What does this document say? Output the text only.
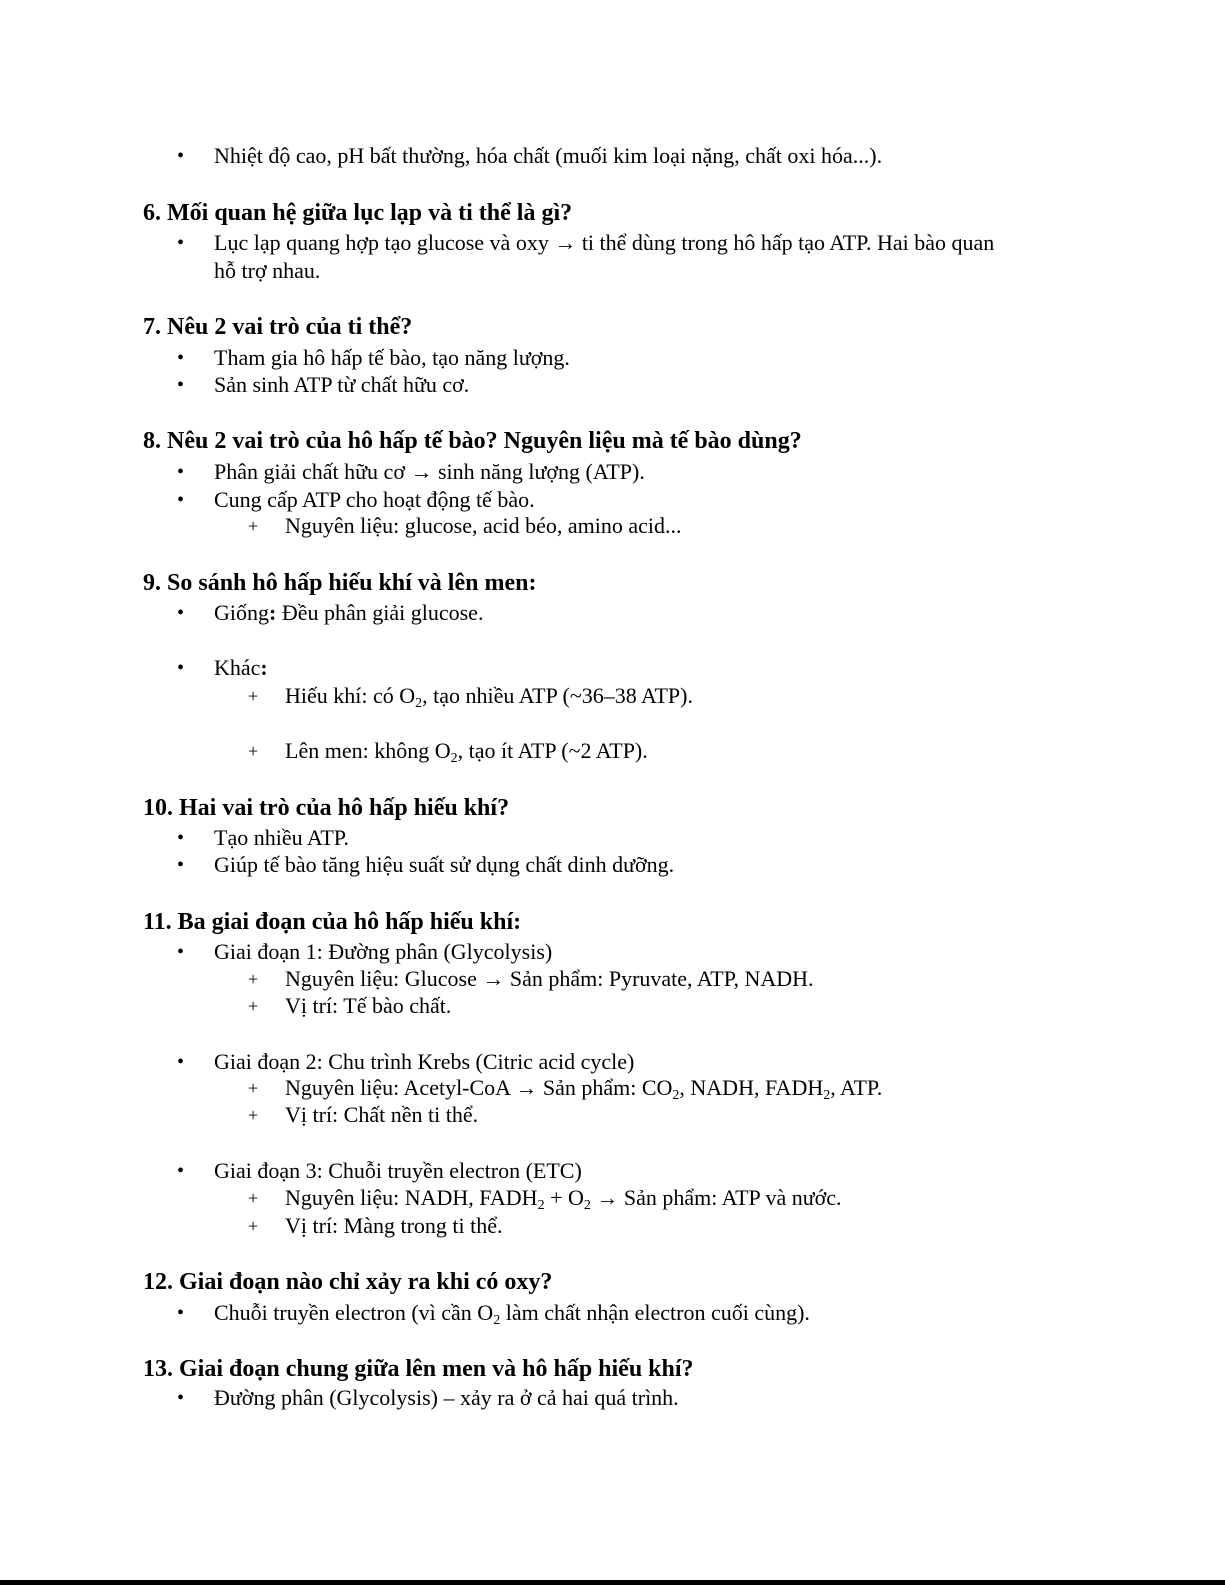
• Nhiệt độ cao, pH bất thường, hóa chất (muối kim loại nặng, chất oxi hóa...).
6. Mối quan hệ giữa lục lạp và ti thể là gì?
• Lục lạp quang hợp tạo glucose và oxy → ti thể dùng trong hô hấp tạo ATP. Hai bào quan
hỗ trợ nhau.
7. Nêu 2 vai trò của ti thể?
• Tham gia hô hấp tế bào, tạo năng lượng.
• Sản sinh ATP từ chất hữu cơ.
8. Nêu 2 vai trò của hô hấp tế bào? Nguyên liệu mà tế bào dùng?
• Phân giải chất hữu cơ → sinh năng lượng (ATP).
• Cung cấp ATP cho hoạt động tế bào.
+ Nguyên liệu: glucose, acid béo, amino acid...
9. So sánh hô hấp hiếu khí và lên men:
• Giống: Đều phân giải glucose.
• Khác:
+ Hiếu khí: có $O_2$, tạo nhiều ATP (~36–38 ATP).
+ Lên men: không $O_2$, tạo ít ATP (~2 ATP).
10. Hai vai trò của hô hấp hiếu khí?
• Tạo nhiều ATP.
• Giúp tế bào tăng hiệu suất sử dụng chất dinh dưỡng.
11. Ba giai đoạn của hô hấp hiếu khí:
• Giai đoạn 1: Đường phân (Glycolysis)
+ Nguyên liệu: Glucose → Sản phẩm: Pyruvate, ATP, NADH.
+ Vị trí: Tế bào chất.
• Giai đoạn 2: Chu trình Krebs (Citric acid cycle)
+ Nguyên liệu: Acetyl-CoA → Sản phẩm: $CO_2$, NADH, $FADH_2$, ATP.
+ Vị trí: Chất nền ti thể.
• Giai đoạn 3: Chuỗi truyền electron (ETC)
+ Nguyên liệu: NADH, $FADH_2 + O_2$ → Sản phẩm: ATP và nước.
+ Vị trí: Màng trong ti thể.
12. Giai đoạn nào chỉ xảy ra khi có oxy?
• Chuỗi truyền electron (vì cần $O_2$ làm chất nhận electron cuối cùng).
13. Giai đoạn chung giữa lên men và hô hấp hiếu khí?
• Đường phân (Glycolysis) – xảy ra ở cả hai quá trình.
